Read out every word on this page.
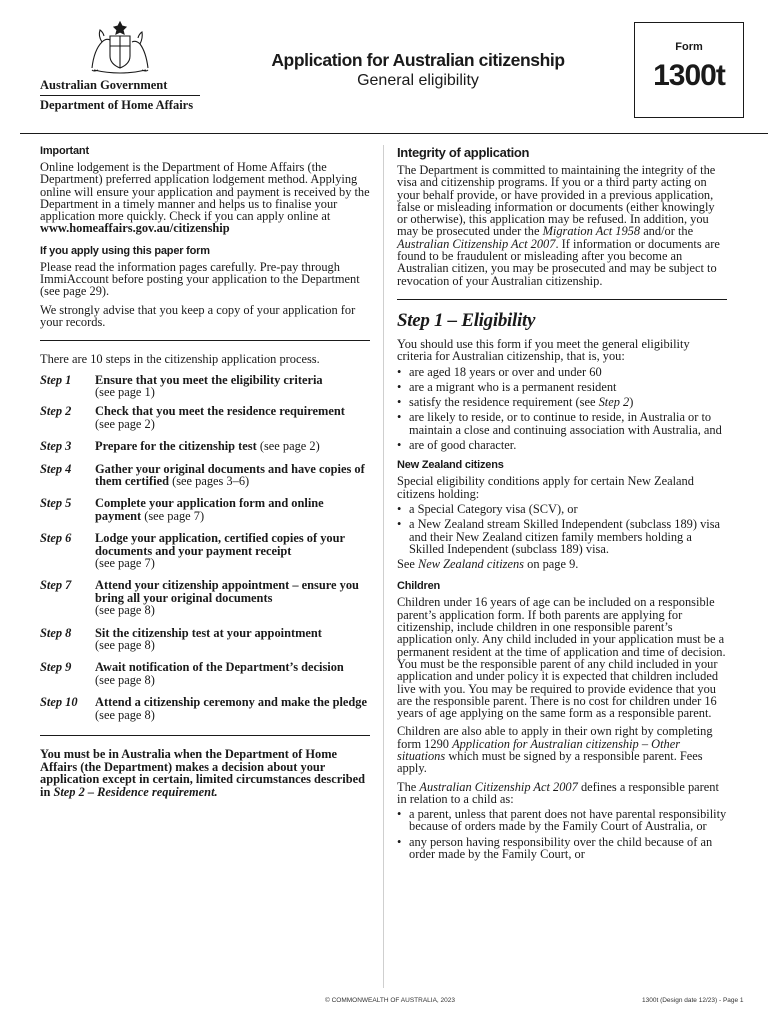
Australian Government
Department of Home Affairs
Application for Australian citizenship
General eligibility
Form
1300t
Important

Online lodgement is the Department of Home Affairs (the Department) preferred application lodgement method. Applying online will ensure your application and payment is received by the Department in a timely manner and helps us to finalise your application more quickly. Check if you can apply online at www.homeaffairs.gov.au/citizenship

If you apply using this paper form

Please read the information pages carefully. Pre-pay through ImmiAccount before posting your application to the Department (see page 29).

We strongly advise that you keep a copy of your application for your records.

There are 10 steps in the citizenship application process.

Step 1	Ensure that you meet the eligibility criteria
(see page 1)
Step 2	Check that you meet the residence requirement
(see page 2)
Step 3	Prepare for the citizenship test (see page 2)
Step 4	Gather your original documents and have copies of them certified (see pages 3–6)
Step 5	Complete your application form and online payment (see page 7)
Step 6	Lodge your application, certified copies of your documents and your payment receipt
(see page 7)
Step 7	Attend your citizenship appointment – ensure you bring all your original documents
(see page 8)
Step 8	Sit the citizenship test at your appointment
(see page 8)
Step 9	Await notification of the Department’s decision
(see page 8)
Step 10	Attend a citizenship ceremony and make the pledge (see page 8)

You must be in Australia when the Department of Home Affairs (the Department) makes a decision about your application except in certain, limited circumstances described in Step 2 – Residence requirement.

Integrity of application

The Department is committed to maintaining the integrity of the visa and citizenship programs. If you or a third party acting on your behalf provide, or have provided in a previous application, false or misleading information or documents (either knowingly or otherwise), this application may be refused. In addition, you may be prosecuted under the Migration Act 1958 and/or the Australian Citizenship Act 2007. If information or documents are found to be fraudulent or misleading after you become an Australian citizen, you may be prosecuted and may be subject to revocation of your Australian citizenship.

Step 1 – Eligibility

You should use this form if you meet the general eligibility criteria for Australian citizenship, that is, you:

• are aged 18 years or over and under 60
• are a migrant who is a permanent resident
• satisfy the residence requirement (see Step 2)
• are likely to reside, or to continue to reside, in Australia or to maintain a close and continuing association with Australia, and
• are of good character.
New Zealand citizens

Special eligibility conditions apply for certain New Zealand citizens holding:

• a Special Category visa (SCV), or
• a New Zealand stream Skilled Independent (subclass 189) visa and their New Zealand citizen family members holding a Skilled Independent (subclass 189) visa.

See New Zealand citizens on page 9.

Children

Children under 16 years of age can be included on a responsible parent’s application form. If both parents are applying for citizenship, include children in one responsible parent’s application only. Any child included in your application must be a permanent resident at the time of application and time of decision. You must be the responsible parent of any child included in your application and under policy it is expected that children included live with you. You may be required to provide evidence that you are the responsible parent. There is no cost for children under 16 years of age applying on the same form as a responsible parent.

Children are also able to apply in their own right by completing form 1290 Application for Australian citizenship – Other situations which must be signed by a responsible parent. Fees apply.

The Australian Citizenship Act 2007 defines a responsible parent in relation to a child as:

• a parent, unless that parent does not have parental responsibility because of orders made by the Family Court of Australia, or
• any person having responsibility over the child because of an order made by the Family Court, or
© COMMONWEALTH OF AUSTRALIA, 2023	1300t (Design date 12/23) - Page 1
